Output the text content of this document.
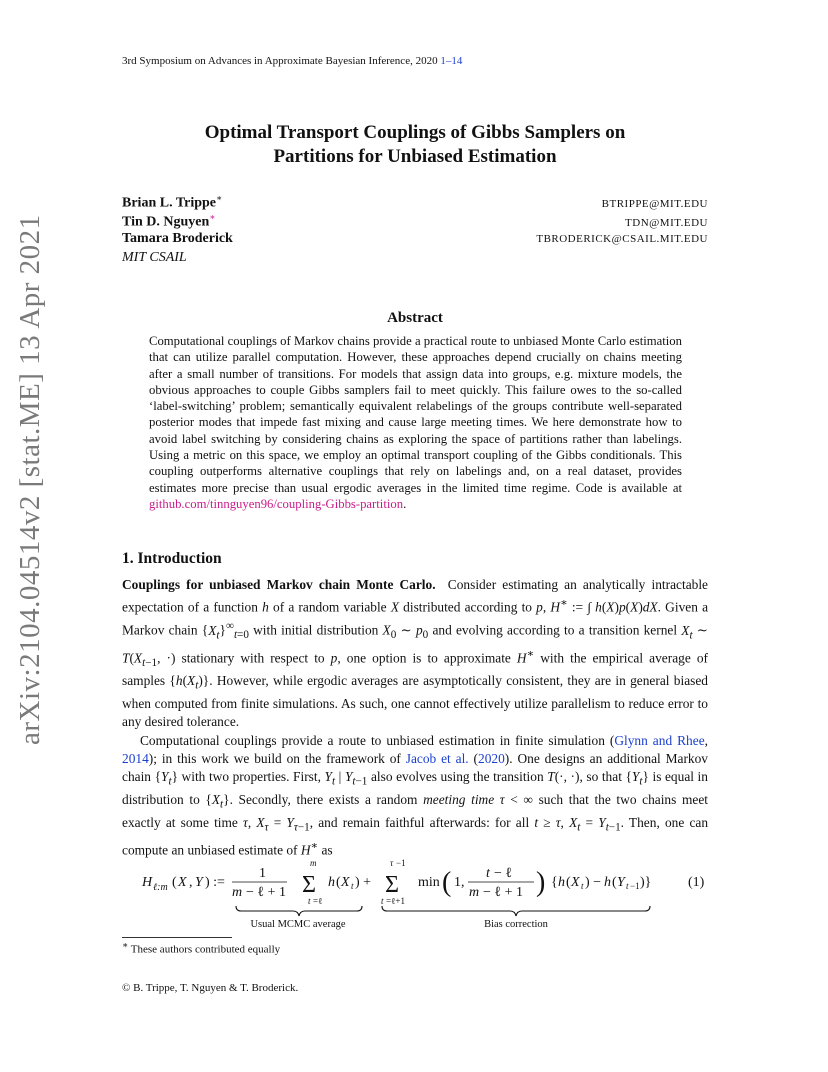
3rd Symposium on Advances in Approximate Bayesian Inference, 2020 1–14
arXiv:2104.04514v2 [stat.ME] 13 Apr 2021
Optimal Transport Couplings of Gibbs Samplers on
Partitions for Unbiased Estimation
Brian L. Trippe∗	BTRIPPE@MIT.EDU
Tin D. Nguyen∗	TDN@MIT.EDU
Tamara Broderick	TBRODERICK@CSAIL.MIT.EDU
MIT CSAIL
Abstract

Computational couplings of Markov chains provide a practical route to unbiased Monte Carlo estimation that can utilize parallel computation. However, these approaches depend crucially on chains meeting after a small number of transitions. For models that assign data into groups, e.g. mixture models, the obvious approaches to couple Gibbs samplers fail to meet quickly. This failure owes to the so-called ‘label-switching’ problem; semantically equivalent relabelings of the groups contribute well-separated posterior modes that impede fast mixing and cause large meeting times. We here demonstrate how to avoid label switching by considering chains as exploring the space of partitions rather than labelings. Using a metric on this space, we employ an optimal transport coupling of the Gibbs conditionals. This coupling outperforms alternative couplings that rely on labelings and, on a real dataset, provides estimates more precise than usual ergodic averages in the limited time regime. Code is available at github.com/tinnguyen96/coupling-Gibbs-partition.

1. Introduction

Couplings for unbiased Markov chain Monte Carlo.  Consider estimating an analytically intractable expectation of a function h of a random variable X distributed according to p, H∗ := ∫ h(X)p(X)dX. Given a Markov chain $\{X_t\}^\infty_{t=0}$ with initial distribution $X_0$ ∼ $p_0$ and evolving according to a transition kernel $X_t$ ∼ $T(X_{t-1}$, ·) stationary with respect to p, one option is to approximate H∗ with the empirical average of samples $\{h(X_t)\}$. However, while ergodic averages are asymptotically consistent, they are in general biased when computed from finite simulations. As such, one cannot effectively utilize parallelism to reduce error to any desired tolerance.

Computational couplings provide a route to unbiased estimation in finite simulation (Glynn and Rhee, 2014); in this work we build on the framework of Jacob et al. (2020). One designs an additional Markov chain $\{Y_t\}$ with two properties. First, $Y_t$ | $Y_{t-1}$ also evolves using the transition T(·, ·), so that $\{Y_t\}$ is equal in distribution to $\{X_t\}$. Secondly, there exists a random meeting time τ < ∞ such that the two chains meet exactly at some time τ, $X_\tau = Y_{\tau-1}$, and remain faithful afterwards: for all t ≥ τ, $X_t = Y_{t-1}$. Then, one can compute an unbiased estimate of H∗ as

H ℓ:m ( X , Y ) :=
1
m − ℓ + 1
m
Σ
t =ℓ
h ( X t ) +
τ −1
Σ
t =ℓ+1
min ( 1,
t − ℓ
m − ℓ + 1 ) { h ( X t ) − h ( Y t −1 )}	(1)
Usual MCMC average	Bias correction
∗ These authors contributed equally
© B. Trippe, T. Nguyen & T. Broderick.
